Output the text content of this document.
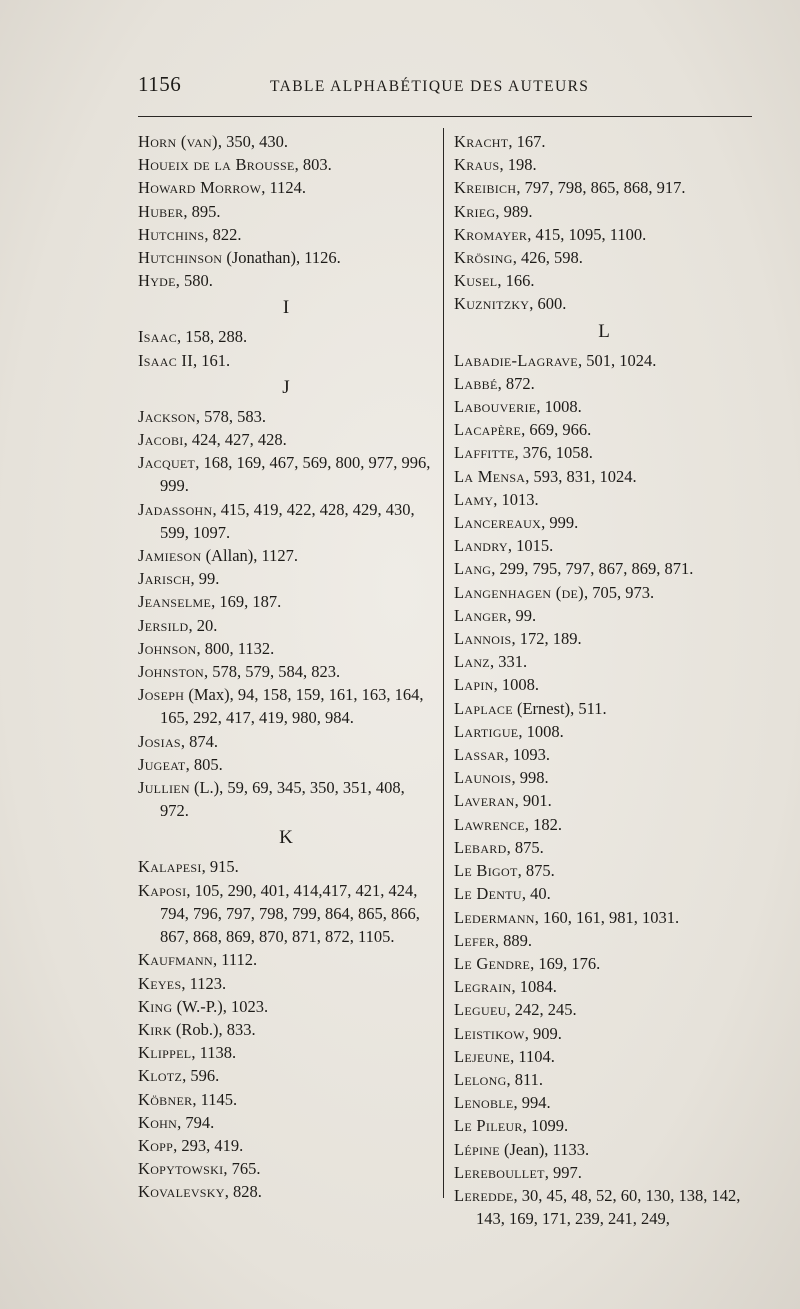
1156	TABLE ALPHABÉTIQUE DES AUTEURS

Horn (van), 350, 430.

Houeix de la Brousse, 803.

Howard Morrow, 1124.

Huber, 895.

Hutchins, 822.

Hutchinson (Jonathan), 1126.

Hyde, 580.

I

Isaac, 158, 288.

Isaac II, 161.

J

Jackson, 578, 583.

Jacobi, 424, 427, 428.

Jacquet, 168, 169, 467, 569, 800, 977, 996, 999.

Jadassohn, 415, 419, 422, 428, 429, 430, 599, 1097.

Jamieson (Allan), 1127.

Jarisch, 99.

Jeanselme, 169, 187.

Jersild, 20.

Johnson, 800, 1132.

Johnston, 578, 579, 584, 823.

Joseph (Max), 94, 158, 159, 161, 163, 164, 165, 292, 417, 419, 980, 984.

Josias, 874.

Jugeat, 805.

Jullien (L.), 59, 69, 345, 350, 351, 408, 972.

K

Kalapesi, 915.

Kaposi, 105, 290, 401, 414,417, 421, 424, 794, 796, 797, 798, 799, 864, 865, 866, 867, 868, 869, 870, 871, 872, 1105.

Kaufmann, 1112.

Keyes, 1123.

King (W.-P.), 1023.

Kirk (Rob.), 833.

Klippel, 1138.

Klotz, 596.

Köbner, 1145.

Kohn, 794.

Kopp, 293, 419.

Kopytowski, 765.

Kovalevsky, 828.

Kracht, 167.

Kraus, 198.

Kreibich, 797, 798, 865, 868, 917.

Krieg, 989.

Kromayer, 415, 1095, 1100.

Krösing, 426, 598.

Kusel, 166.

Kuznitzky, 600.

L

Labadie-Lagrave, 501, 1024.

Labbé, 872.

Labouverie, 1008.

Lacapère, 669, 966.

Laffitte, 376, 1058.

La Mensa, 593, 831, 1024.

Lamy, 1013.

Lancereaux, 999.

Landry, 1015.

Lang, 299, 795, 797, 867, 869, 871.

Langenhagen (de), 705, 973.

Langer, 99.

Lannois, 172, 189.

Lanz, 331.

Lapin, 1008.

Laplace (Ernest), 511.

Lartigue, 1008.

Lassar, 1093.

Launois, 998.

Laveran, 901.

Lawrence, 182.

Lebard, 875.

Le Bigot, 875.

Le Dentu, 40.

Ledermann, 160, 161, 981, 1031.

Lefer, 889.

Le Gendre, 169, 176.

Legrain, 1084.

Legueu, 242, 245.

Leistikow, 909.

Lejeune, 1104.

Lelong, 811.

Lenoble, 994.

Le Pileur, 1099.

Lépine (Jean), 1133.

Lereboullet, 997.

Leredde, 30, 45, 48, 52, 60, 130, 138, 142, 143, 169, 171, 239, 241, 249,
